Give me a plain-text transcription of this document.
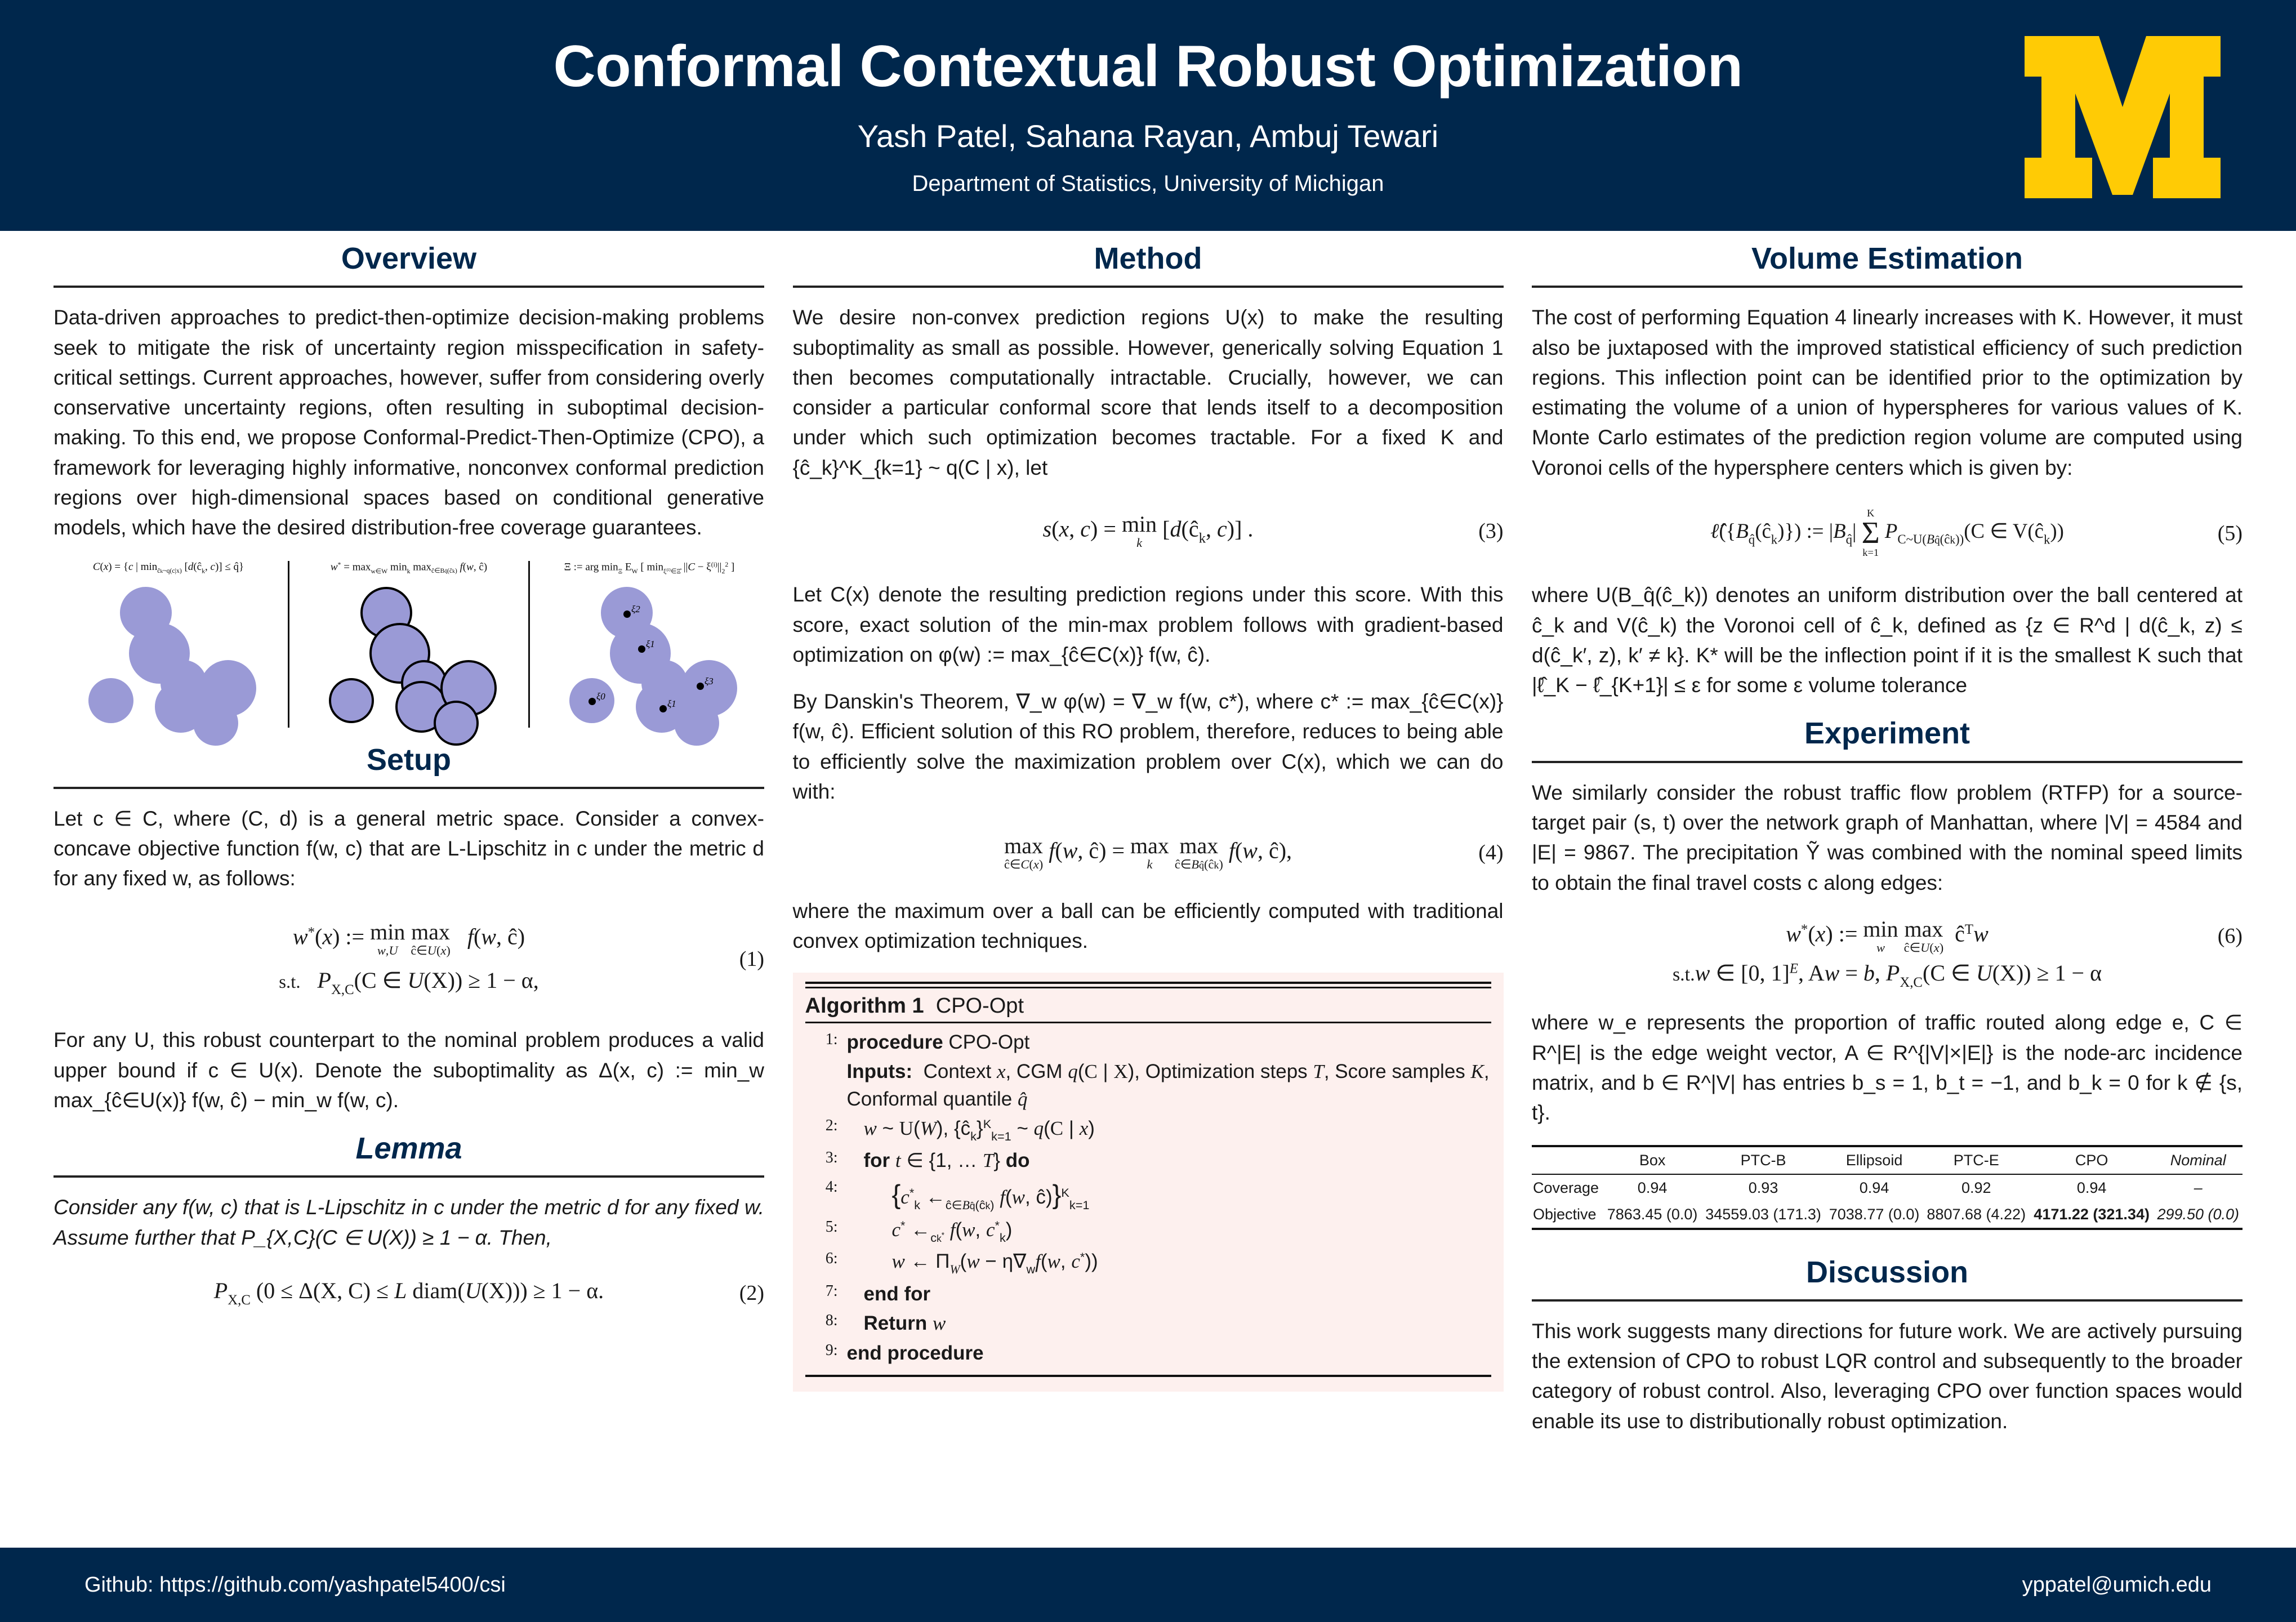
Conformal Contextual Robust Optimization
Yash Patel, Sahana Rayan, Ambuj Tewari
Department of Statistics, University of Michigan
Overview

Data-driven approaches to predict-then-optimize decision-making problems seek to mitigate the risk of uncertainty region misspecification in safety-critical settings. Current approaches, however, suffer from considering overly conservative uncertainty regions, often resulting in suboptimal decision-making. To this end, we propose Conformal-Predict-Then-Optimize (CPO), a framework for leveraging highly informative, nonconvex conformal prediction regions over high-dimensional spaces based on conditional generative models, which have the desired distribution-free coverage guarantees.

C(x) = {c | $\min_{ĉk\sim q(c|x)}$ [$d(ĉ_k$, c)] ≤ q̂}	$w^* = \max_{w\in W} \min_k \max_{ĉ\in Bq̂(ĉk)} f(w$, ĉ)	Ξ := arg $\min_\Xi E_W$ [ $\min_{\xi^{(i)}\in\Xî} ||C - \xi^{(i)}||_2^2$ ]
ξ2
ξ1
ξ0
ξ1
ξ3
Setup

Let c ∈ C, where (C, d) is a general metric space. Consider a convex-concave objective function f(w, c) that are L-Lipschitz in c under the metric d for any fixed w, as follows:

w*(x) := min
w,U

max
ĉ∈U(x)
f(w, ĉ)
s.t. $P_{X,C}(C$ ∈ U(X)) ≥ 1 − α,
(1)

For any U, this robust counterpart to the nominal problem produces a valid upper bound if c ∈ U(x). Denote the suboptimality as Δ(x, c) := min_w max_{ĉ∈U(x)} f(w, ĉ) − min_w f(w, c).

Lemma

Consider any f(w, c) that is L-Lipschitz in c under the metric d for any fixed w. Assume further that P_{X,C}(C ∈ U(X)) ≥ 1 − α. Then,

$P_{X,C}$ (0 ≤ Δ(X, C) ≤ L diam(U(X))) ≥ 1 − α.	(2)
Method

We desire non-convex prediction regions U(x) to make the resulting suboptimality as small as possible. However, generically solving Equation 1 then becomes computationally intractable. Crucially, however, we can consider a particular conformal score that lends itself to a decomposition under which such optimization becomes tractable. For a fixed K and {ĉ_k}^K_{k=1} ~ q(C | x), let

s(x, c) = min
k
[$d(ĉ_k$, c)] .	(3)

Let C(x) denote the resulting prediction regions under this score. With this score, exact solution of the min-max problem follows with gradient-based optimization on φ(w) := max_{ĉ∈C(x)} f(w, ĉ).

By Danskin's Theorem, ∇_w φ(w) = ∇_w f(w, c*), where c* := max_{ĉ∈C(x)} f(w, ĉ). Efficient solution of this RO problem, therefore, reduces to being able to efficiently solve the maximization problem over C(x), which we can do with:

max
ĉ∈C(x)
f(w, ĉ) = max
k

max
ĉ∈Bq̂(ĉk)
f(w, ĉ),	(4)

where the maximum over a ball can be efficiently computed with traditional convex optimization techniques.

Algorithm 1 CPO-Opt
1: procedure CPO-Opt
Inputs:  Context x, CGM q(C | X), Optimization steps T, Score samples K, Conformal quantile q̂
2:	w ~ U(W), $\{ĉ_k\}^K_{k=1}$ ~ q(C | x)
3:	for t ∈ {1, … T} do
4:	{$c^*_k$ $\leftarrow_{ĉ\in Bq̂(ĉk)}$ f(w, ĉ)}$^K_{k=1}$
5:	c* $\leftarrow_{ck^*}$ f(w, $c^*_k$)
6:	w ← $\Pi_W(w - \eta\nabla_wf(w$, c*))
7:	end for
8:	Return w
9: end procedure
Volume Estimation

The cost of performing Equation 4 linearly increases with K. However, it must also be juxtaposed with the improved statistical efficiency of such prediction regions. This inflection point can be identified prior to the optimization by estimating the volume of a union of hyperspheres for various values of K. Monte Carlo estimates of the prediction region volume are computed using Voronoi cells of the hypersphere centers which is given by:

$\ell̂(\{B_{q̂}(ĉ_k)\})$ := $|B_{q̂}|$
K
Σ
k=1
$P_{C\sim U(Bq̂(ĉk))}(C$ ∈ $V(ĉ_k)$)	(5)

where U(B_q̂(ĉ_k)) denotes an uniform distribution over the ball centered at ĉ_k and V(ĉ_k) the Voronoi cell of ĉ_k, defined as {z ∈ R^d | d(ĉ_k, z) ≤ d(ĉ_k′, z), k′ ≠ k}. K* will be the inflection point if it is the smallest K such that |ℓ̂_K − ℓ̂_{K+1}| ≤ ε for some ε volume tolerance

Experiment

We similarly consider the robust traffic flow problem (RTFP) for a source-target pair (s, t) over the network graph of Manhattan, where |V| = 4584 and |E| = 9867. The precipitation Ỹ was combined with the nominal speed limits to obtain the final travel costs c along edges:

w*(x) := min
w

max
ĉ∈U(x)
$ĉ^Tw$	(6)
s.t.w ∈ [0, 1]$^E$, Aw = b, $P_{X,C}(C$ ∈ U(X)) ≥ 1 − α

where w_e represents the proportion of traffic routed along edge e, C ∈ R^|E| is the edge weight vector, A ∈ R^{|V|×|E|} is the node-arc incidence matrix, and b ∈ R^|V| has entries b_s = 1, b_t = −1, and b_k = 0 for k ∉ {s, t}.

	Box	PTC-B	Ellipsoid	PTC-E	CPO	Nominal
Coverage	0.94	0.93	0.94	0.92	0.94	–
Objective	7863.45 (0.0)	34559.03 (171.3)	7038.77 (0.0)	8807.68 (4.22)	4171.22 (321.34)	299.50 (0.0)
Discussion

This work suggests many directions for future work. We are actively pursuing the extension of CPO to robust LQR control and subsequently to the broader category of robust control. Also, leveraging CPO over function spaces would enable its use to distributionally robust optimization.

Github: https://github.com/yashpatel5400/csi	yppatel@umich.edu
